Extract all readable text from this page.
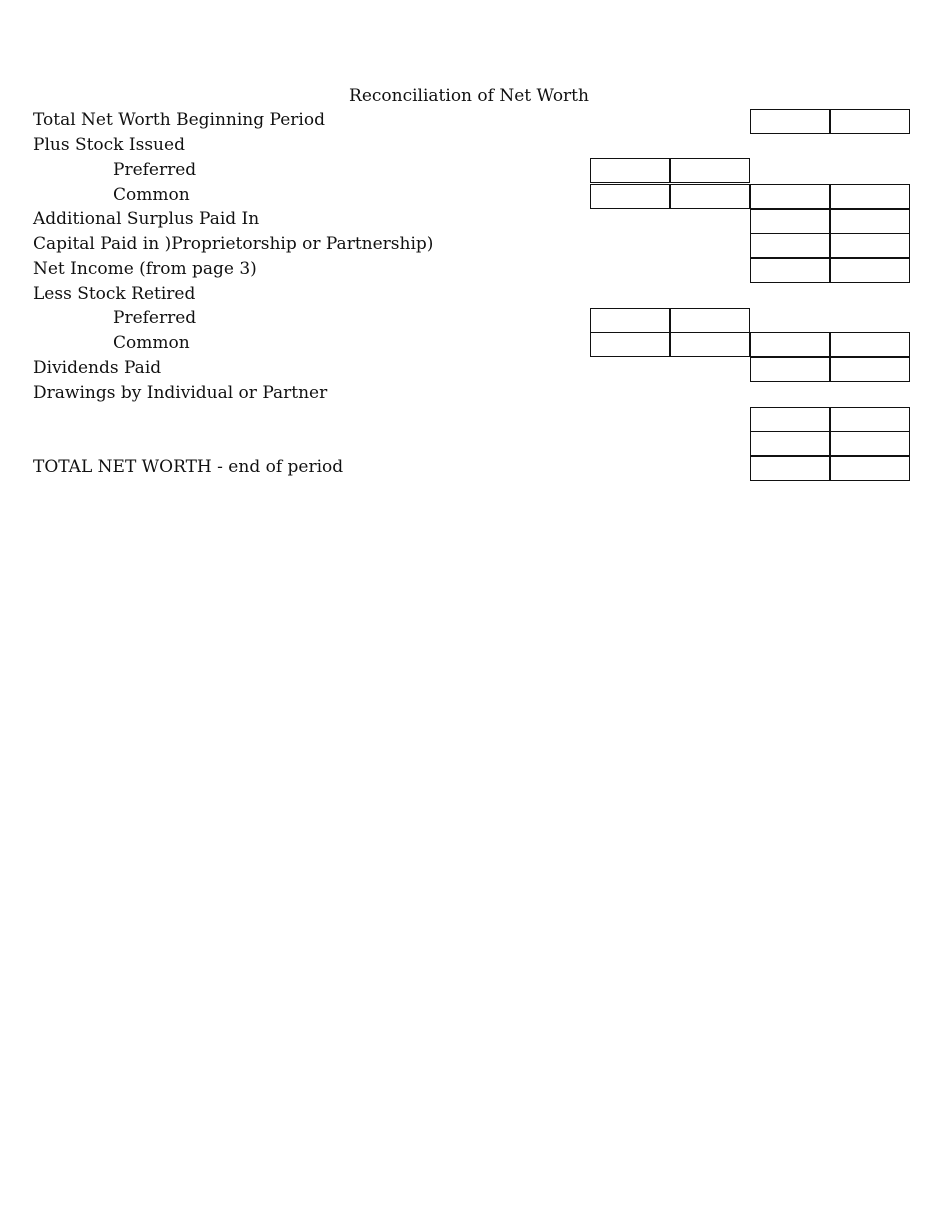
Reconciliation of Net Worth
Total Net Worth Beginning Period
Plus Stock Issued
Preferred
Common
Additional Surplus Paid In
Capital Paid in )Proprietorship or Partnership)
Net Income (from page 3)
Less Stock Retired
Preferred
Common
Dividends Paid
Drawings by Individual or Partner
TOTAL NET WORTH - end of period
